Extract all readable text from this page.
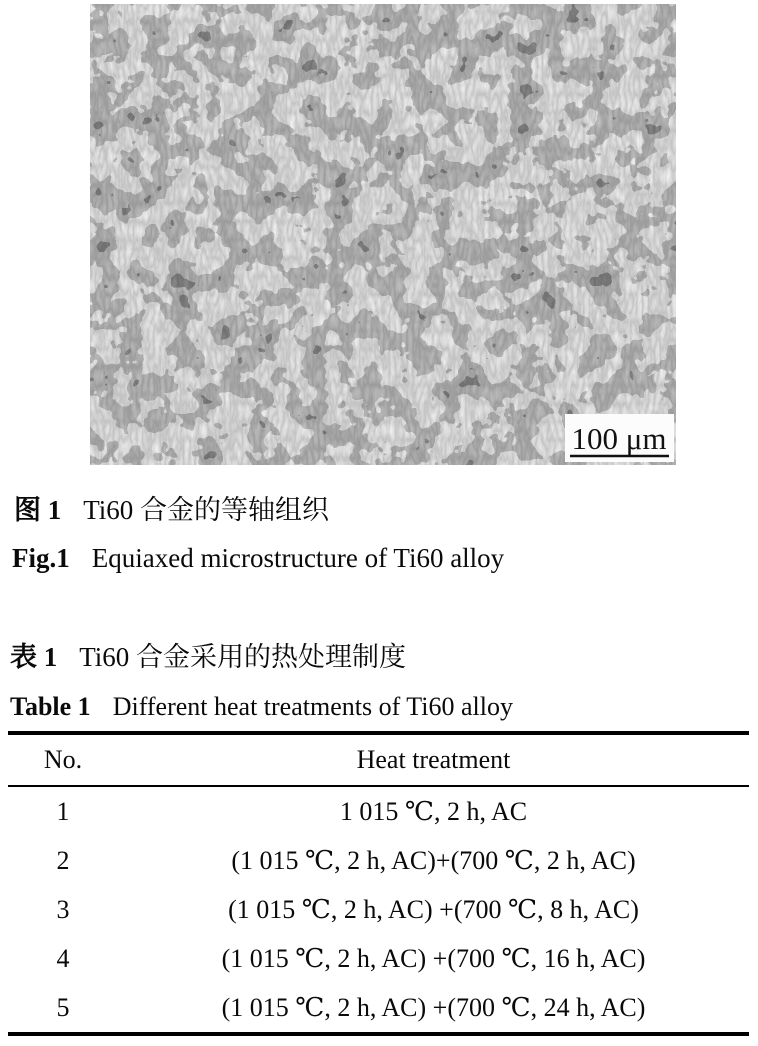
100 μm

图 1 Ti60 合金的等轴组织

Fig.1 Equiaxed microstructure of Ti60 alloy

表 1 Ti60 合金采用的热处理制度

Table 1 Different heat treatments of Ti60 alloy

No.	Heat treatment
1	1 015 ℃, 2 h, AC
2	(1 015 ℃, 2 h, AC)+(700 ℃, 2 h, AC)
3	(1 015 ℃, 2 h, AC) +(700 ℃, 8 h, AC)
4	(1 015 ℃, 2 h, AC) +(700 ℃, 16 h, AC)
5	(1 015 ℃, 2 h, AC) +(700 ℃, 24 h, AC)
